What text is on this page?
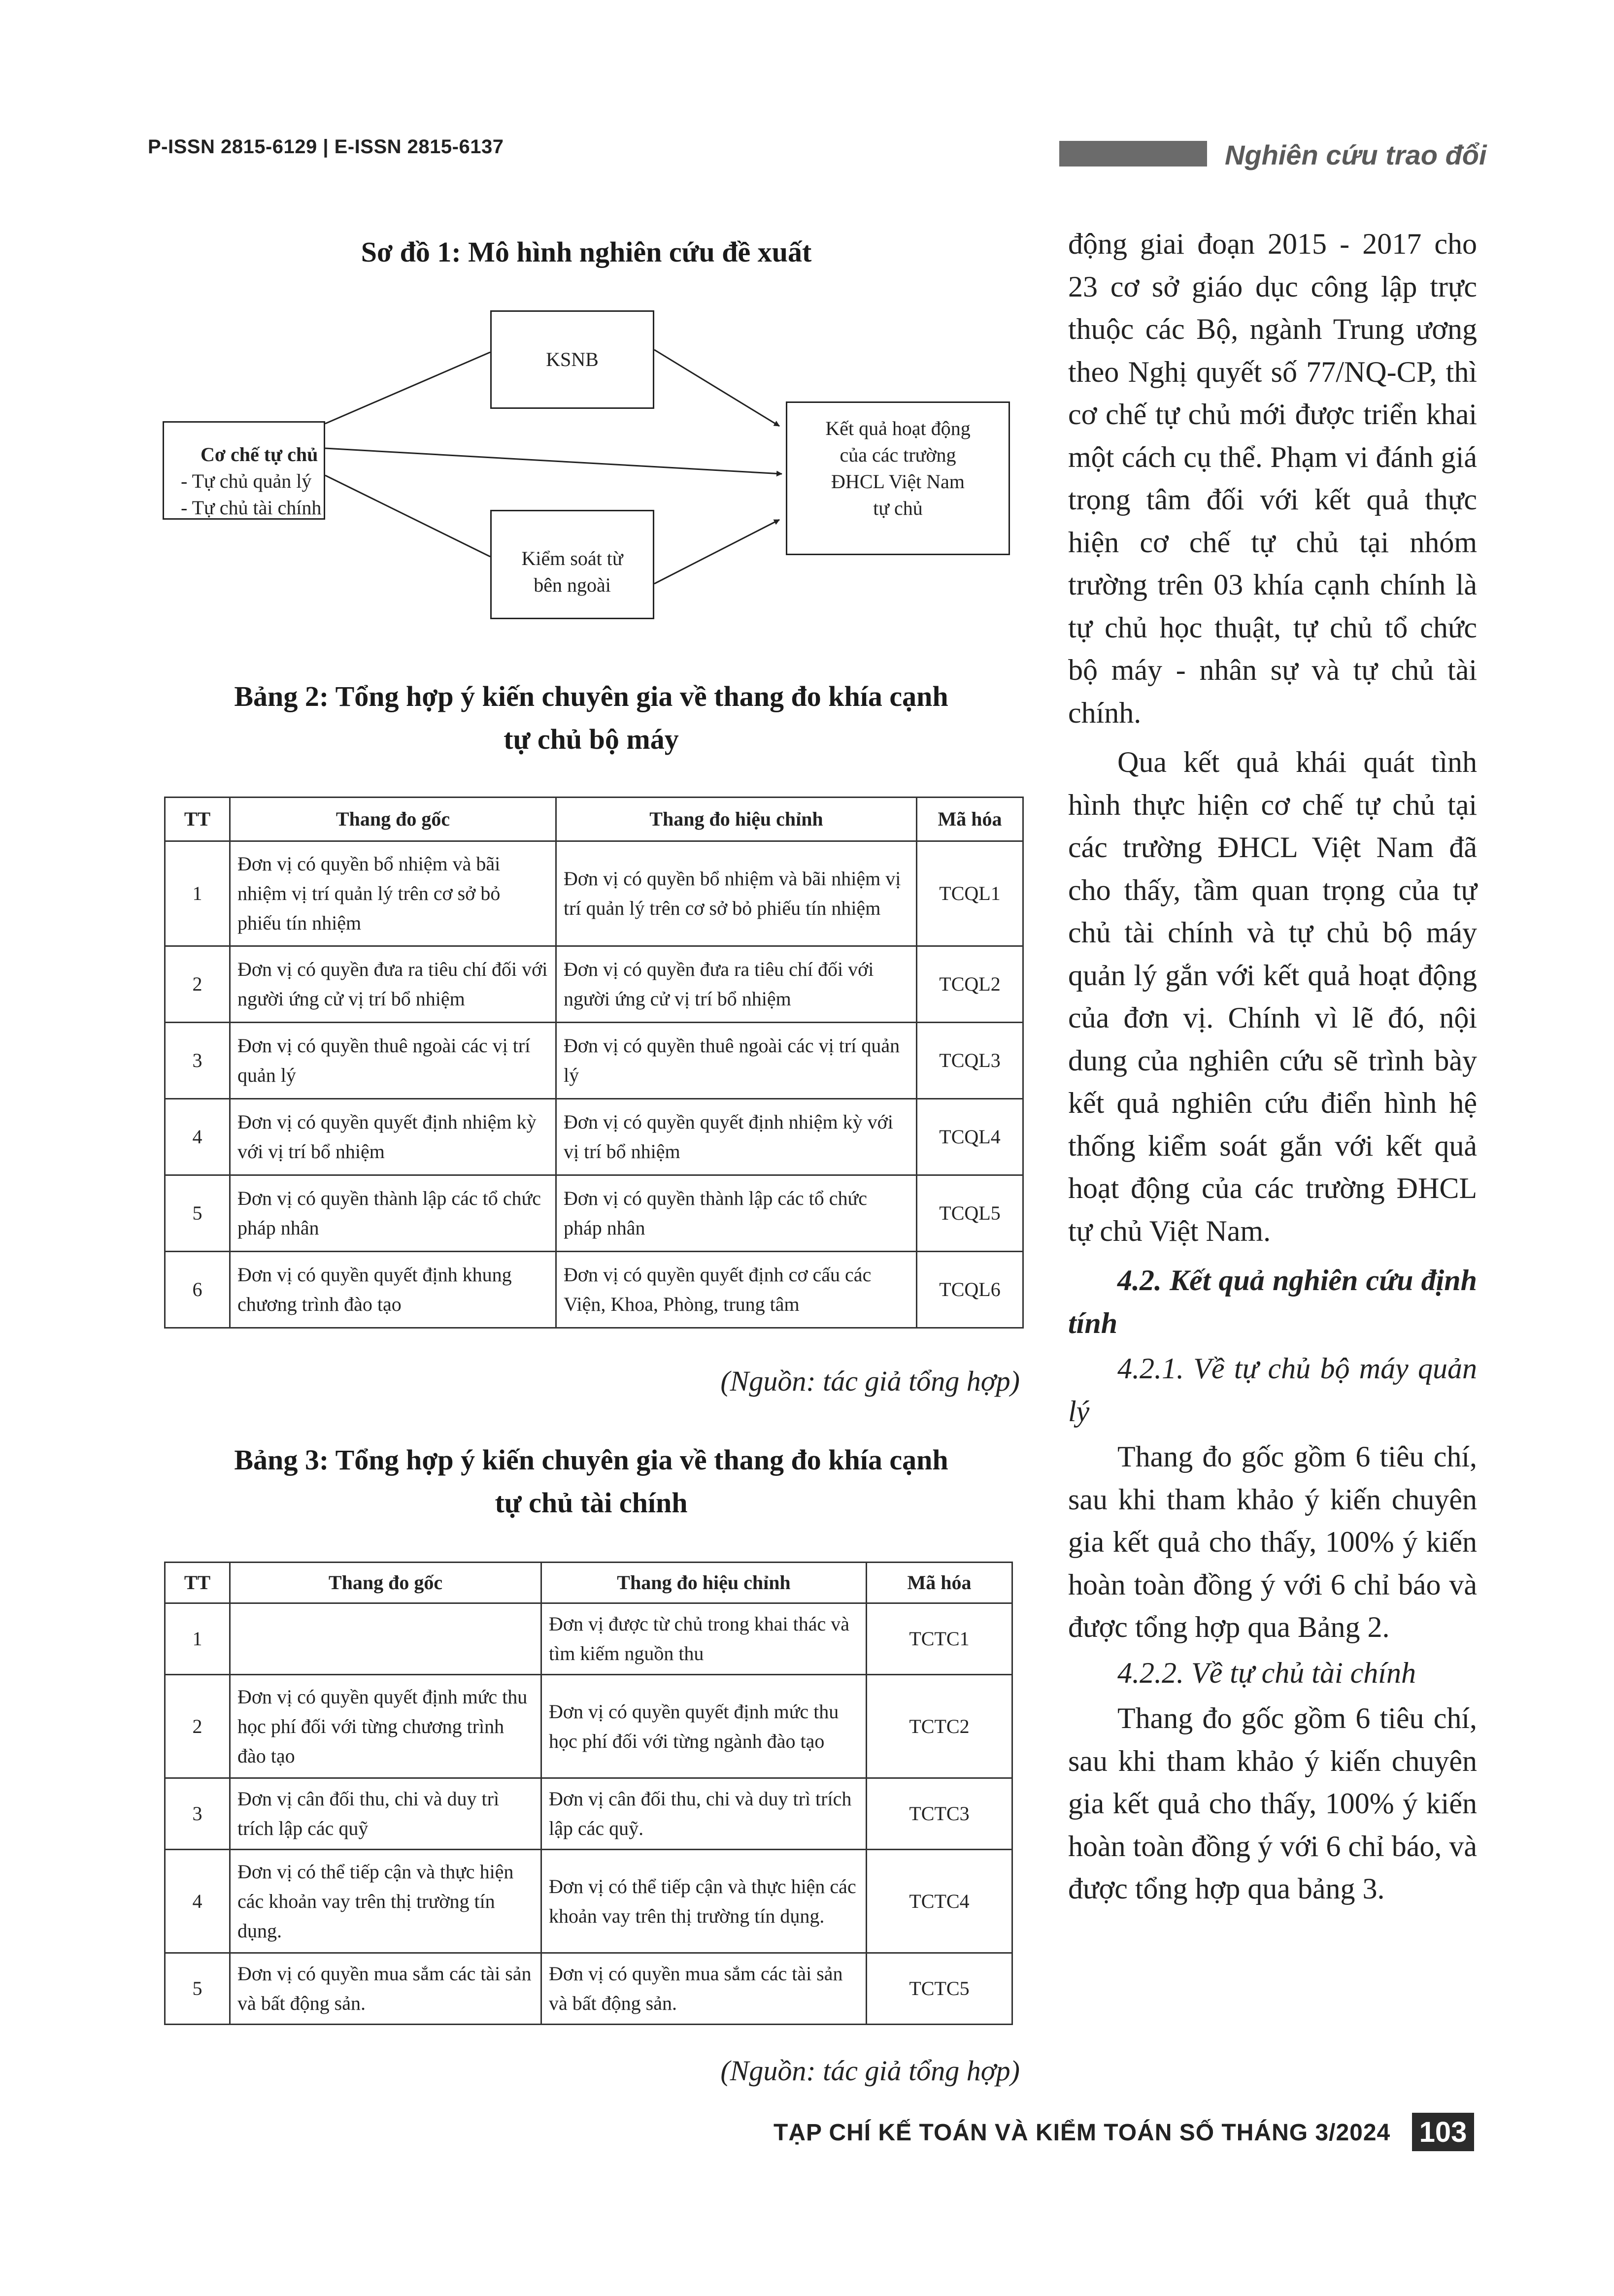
P-ISSN 2815-6129 | E-ISSN 2815-6137	Nghiên cứu trao đổi
Sơ đồ 1: Mô hình nghiên cứu đề xuất
KSNB
Cơ chế tự chủ
- Tự chủ quản lý
- Tự chủ tài chính
Kiểm soát từ
bên ngoài
Kết quả hoạt động
của các trường
ĐHCL Việt Nam
tự chủ
Bảng 2: Tổng hợp ý kiến chuyên gia về thang đo khía cạnh
tự chủ bộ máy
TT	Thang đo gốc	Thang đo hiệu chỉnh	Mã hóa
1	Đơn vị có quyền bổ nhiệm và bãi nhiệm vị trí quản lý trên cơ sở bỏ phiếu tín nhiệm	Đơn vị có quyền bổ nhiệm và bãi nhiệm vị trí quản lý trên cơ sở bỏ phiếu tín nhiệm	TCQL1
2	Đơn vị có quyền đưa ra tiêu chí đối với người ứng cử vị trí bổ nhiệm	Đơn vị có quyền đưa ra tiêu chí đối với người ứng cử vị trí bổ nhiệm	TCQL2
3	Đơn vị có quyền thuê ngoài các vị trí quản lý	Đơn vị có quyền thuê ngoài các vị trí quản lý	TCQL3
4	Đơn vị có quyền quyết định nhiệm kỳ với vị trí bổ nhiệm	Đơn vị có quyền quyết định nhiệm kỳ với vị trí bổ nhiệm	TCQL4
5	Đơn vị có quyền thành lập các tổ chức pháp nhân	Đơn vị có quyền thành lập các tổ chức pháp nhân	TCQL5
6	Đơn vị có quyền quyết định khung chương trình đào tạo	Đơn vị có quyền quyết định cơ cấu các Viện, Khoa, Phòng, trung tâm	TCQL6
(Nguồn: tác giả tổng hợp)
Bảng 3: Tổng hợp ý kiến chuyên gia về thang đo khía cạnh
tự chủ tài chính
TT	Thang đo gốc	Thang đo hiệu chỉnh	Mã hóa
1		Đơn vị được từ chủ trong khai thác và tìm kiếm nguồn thu	TCTC1
2	Đơn vị có quyền quyết định mức thu học phí đối với từng chương trình đào tạo	Đơn vị có quyền quyết định mức thu học phí đối với từng ngành đào tạo	TCTC2
3	Đơn vị cân đối thu, chi và duy trì trích lập các quỹ	Đơn vị cân đối thu, chi và duy trì trích lập các quỹ.	TCTC3
4	Đơn vị có thể tiếp cận và thực hiện các khoản vay trên thị trường tín dụng.	Đơn vị có thể tiếp cận và thực hiện các khoản vay trên thị trường tín dụng.	TCTC4
5	Đơn vị có quyền mua sắm các tài sản và bất động sản.	Đơn vị có quyền mua sắm các tài sản và bất động sản.	TCTC5
(Nguồn: tác giả tổng hợp)

động giai đoạn 2015 - 2017 cho 23 cơ sở giáo dục công lập trực thuộc các Bộ, ngành Trung ương theo Nghị quyết số 77/NQ-CP, thì cơ chế tự chủ mới được triển khai một cách cụ thể. Phạm vi đánh giá trọng tâm đối với kết quả thực hiện cơ chế tự chủ tại nhóm trường trên 03 khía cạnh chính là tự chủ học thuật, tự chủ tổ chức bộ máy - nhân sự và tự chủ tài chính.

Qua kết quả khái quát tình hình thực hiện cơ chế tự chủ tại các trường ĐHCL Việt Nam đã cho thấy, tầm quan trọng của tự chủ tài chính và tự chủ bộ máy quản lý gắn với kết quả hoạt động của đơn vị. Chính vì lẽ đó, nội dung của nghiên cứu sẽ trình bày kết quả nghiên cứu điển hình hệ thống kiểm soát gắn với kết quả hoạt động của các trường ĐHCL tự chủ Việt Nam.

4.2. Kết quả nghiên cứu định tính

4.2.1. Về tự chủ bộ máy quản lý

Thang đo gốc gồm 6 tiêu chí, sau khi tham khảo ý kiến chuyên gia kết quả cho thấy, 100% ý kiến hoàn toàn đồng ý với 6 chỉ báo và được tổng hợp qua Bảng 2.

4.2.2. Về tự chủ tài chính

Thang đo gốc gồm 6 tiêu chí, sau khi tham khảo ý kiến chuyên gia kết quả cho thấy, 100% ý kiến hoàn toàn đồng ý với 6 chỉ báo, và được tổng hợp qua bảng 3.

TẠP CHÍ KẾ TOÁN VÀ KIỂM TOÁN SỐ THÁNG 3/2024 103
